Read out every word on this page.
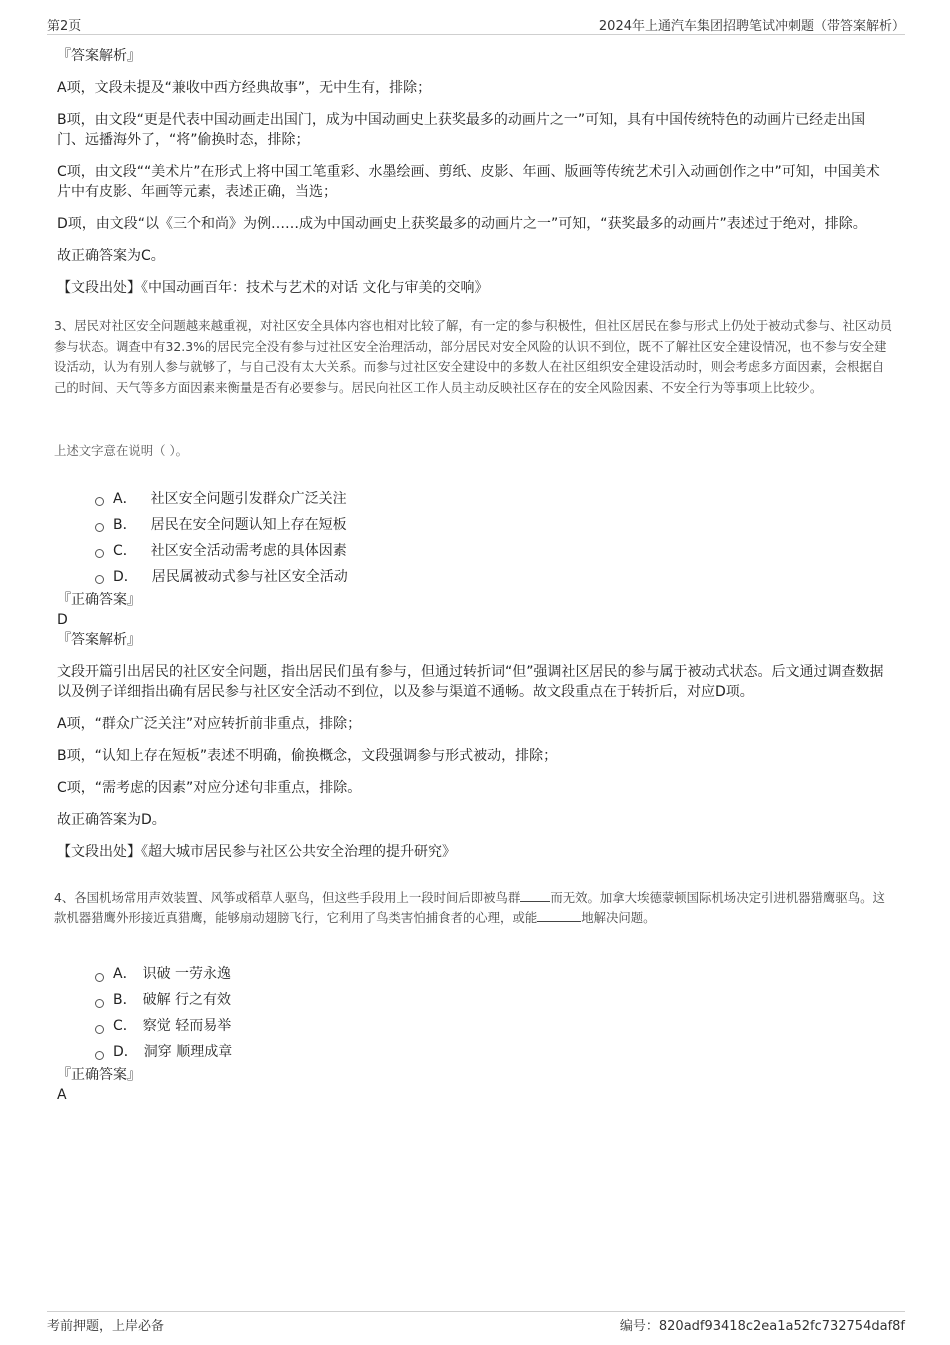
第2页	2024年上通汽车集团招聘笔试冲刺题（带答案解析）

『答案解析』

A项，文段未提及“兼收中西方经典故事”，无中生有，排除；

B项，由文段“更是代表中国动画走出国门，成为中国动画史上获奖最多的动画片之一”可知，具有中国传统特色的动画片已经走出国门、远播海外了，“将”偷换时态，排除；

C项，由文段““美术片”在形式上将中国工笔重彩、水墨绘画、剪纸、皮影、年画、版画等传统艺术引入动画创作之中”可知，中国美术片中有皮影、年画等元素，表述正确，当选；

D项，由文段“以《三个和尚》为例……成为中国动画史上获奖最多的动画片之一”可知，“获奖最多的动画片”表述过于绝对，排除。

故正确答案为C。

【文段出处】《中国动画百年：技术与艺术的对话 文化与审美的交响》

3、居民对社区安全问题越来越重视，对社区安全具体内容也相对比较了解，有一定的参与积极性，但社区居民在参与形式上仍处于被动式参与、社区动员参与状态。调查中有32.3%的居民完全没有参与过社区安全治理活动，部分居民对安全风险的认识不到位，既不了解社区安全建设情况，也不参与安全建设活动，认为有别人参与就够了，与自己没有太大关系。而参与过社区安全建设中的多数人在社区组织安全建设活动时，则会考虑多方面因素，会根据自己的时间、天气等多方面因素来衡量是否有必要参与。居民向社区工作人员主动反映社区存在的安全风险因素、不安全行为等事项上比较少。

上述文字意在说明（ ）。

A． 社区安全问题引发群众广泛关注
B． 居民在安全问题认知上存在短板
C． 社区安全活动需考虑的具体因素
D． 居民属被动式参与社区安全活动

『正确答案』

D

『答案解析』

文段开篇引出居民的社区安全问题，指出居民们虽有参与，但通过转折词“但”强调社区居民的参与属于被动式状态。后文通过调查数据以及例子详细指出确有居民参与社区安全活动不到位，以及参与渠道不通畅。故文段重点在于转折后，对应D项。

A项，“群众广泛关注”对应转折前非重点，排除；

B项，“认知上存在短板”表述不明确，偷换概念，文段强调参与形式被动，排除；

C项，“需考虑的因素”对应分述句非重点，排除。

故正确答案为D。

【文段出处】《超大城市居民参与社区公共安全治理的提升研究》

4、各国机场常用声效装置、风筝或稻草人驱鸟，但这些手段用上一段时间后即被鸟群 而无效。加拿大埃德蒙顿国际机场决定引进机器猎鹰驱鸟。这款机器猎鹰外形接近真猎鹰，能够扇动翅膀飞行，它利用了鸟类害怕捕食者的心理，或能	地解决问题。

A． 识破 一劳永逸
B． 破解 行之有效
C． 察觉 轻而易举
D． 洞穿 顺理成章

『正确答案』

A

考前押题，上岸必备	编号：820adf93418c2ea1a52fc732754daf8f
